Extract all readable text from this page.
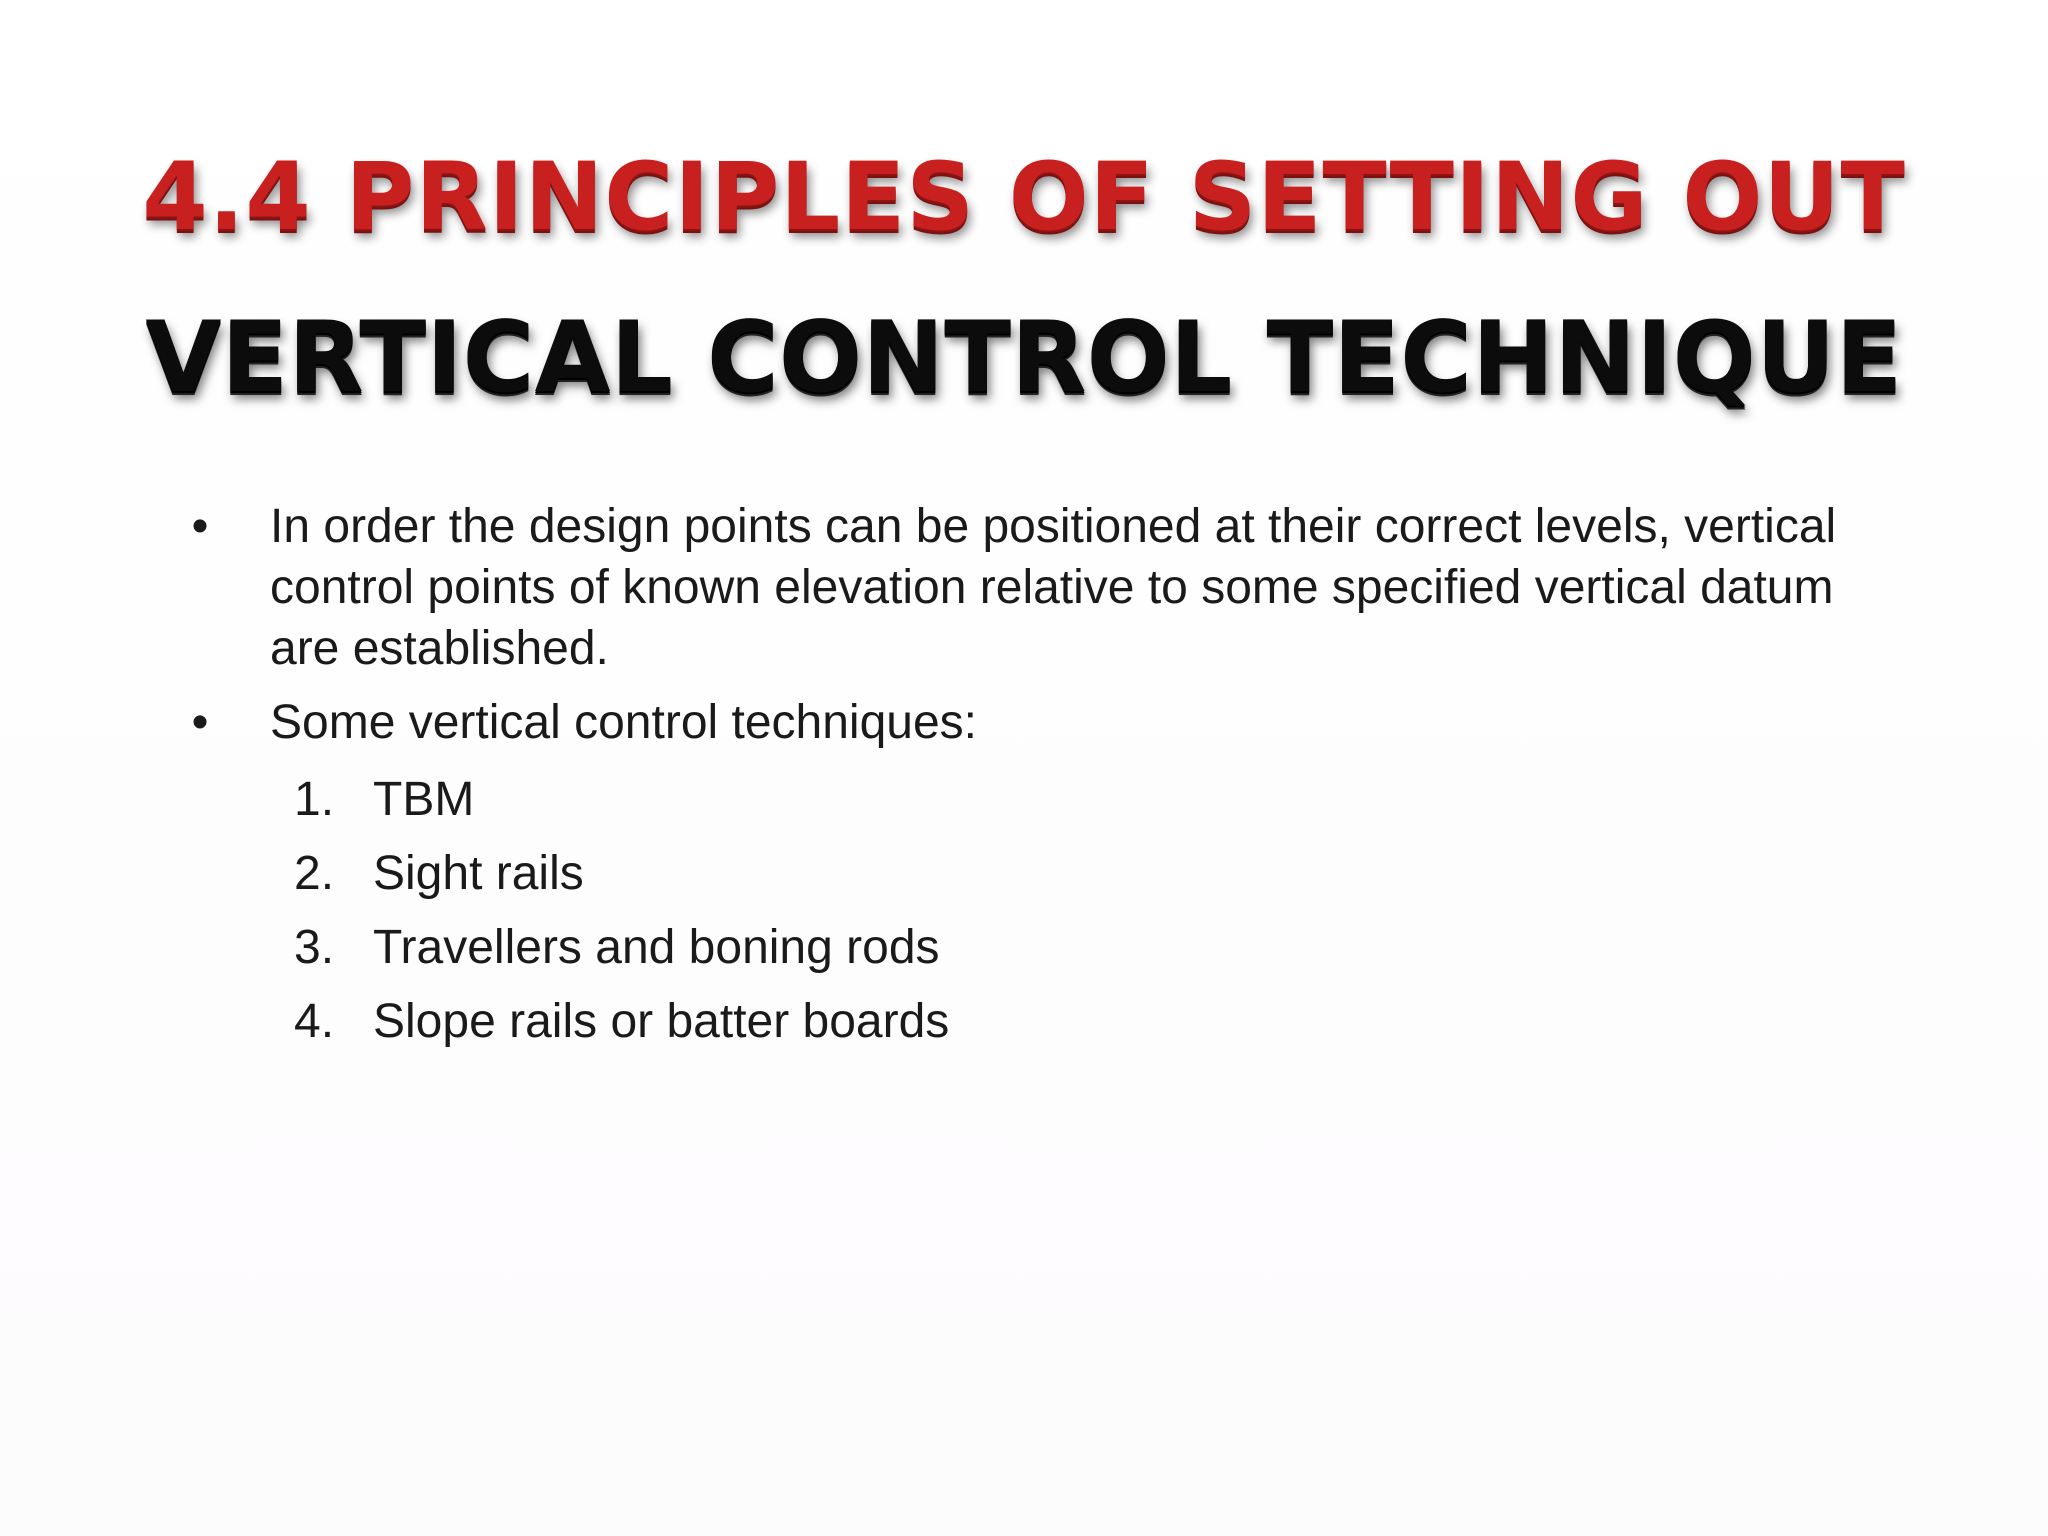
4.4 PRINCIPLES OF SETTING OUT
VERTICAL CONTROL TECHNIQUE
• In order the design points can be positioned at their correct levels, vertical control points of known elevation relative to some specified vertical datum are established.
• Some vertical control techniques:
1. TBM
2. Sight rails
3. Travellers and boning rods
4. Slope rails or batter boards
